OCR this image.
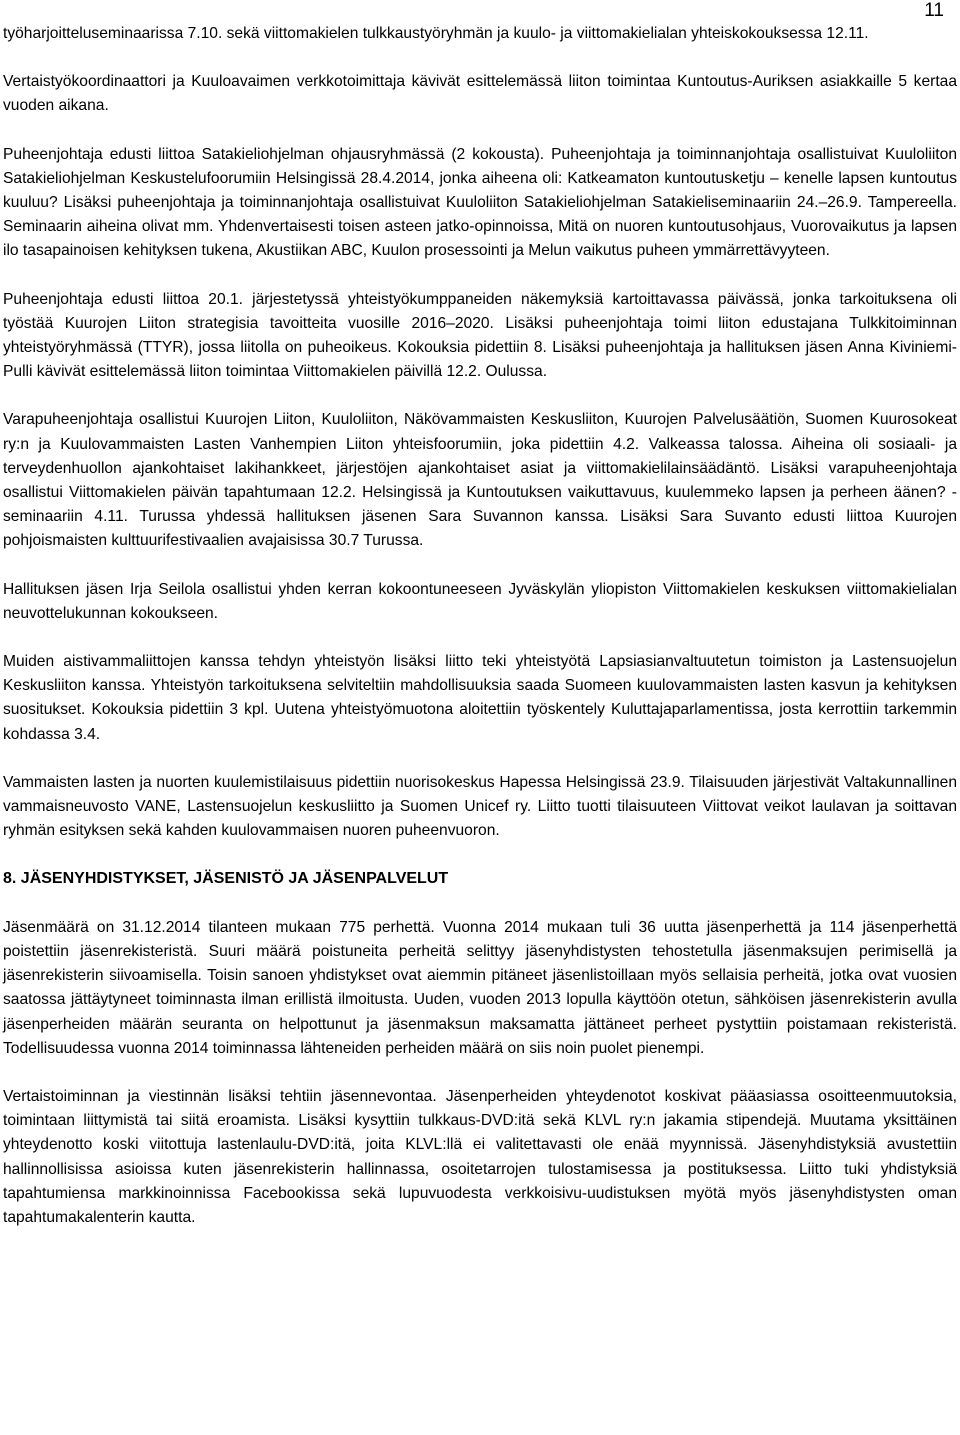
11

työharjoitteluseminaarissa 7.10. sekä viittomakielen tulkkaustyöryhmän ja kuulo- ja viittomakielialan yhteiskokouksessa 12.11.

Vertaistyökoordinaattori ja Kuuloavaimen verkkotoimittaja kävivät esittelemässä liiton toimintaa Kuntoutus-Auriksen asiakkaille 5 kertaa vuoden aikana.

Puheenjohtaja edusti liittoa Satakieliohjelman ohjausryhmässä (2 kokousta). Puheenjohtaja ja toiminnanjohtaja osallistuivat Kuuloliiton Satakieliohjelman Keskustelufoorumiin Helsingissä 28.4.2014, jonka aiheena oli: Katkeamaton kuntoutusketju – kenelle lapsen kuntoutus kuuluu? Lisäksi puheenjohtaja ja toiminnanjohtaja osallistuivat Kuuloliiton Satakieliohjelman Satakieliseminaariin 24.–26.9. Tampereella. Seminaarin aiheina olivat mm. Yhdenvertaisesti toisen asteen jatko-opinnoissa, Mitä on nuoren kuntoutusohjaus, Vuorovaikutus ja lapsen ilo tasapainoisen kehityksen tukena, Akustiikan ABC, Kuulon prosessointi ja Melun vaikutus puheen ymmärrettävyyteen.

Puheenjohtaja edusti liittoa 20.1. järjestetyssä yhteistyökumppaneiden näkemyksiä kartoittavassa päivässä, jonka tarkoituksena oli työstää Kuurojen Liiton strategisia tavoitteita vuosille 2016–2020. Lisäksi puheenjohtaja toimi liiton edustajana Tulkkitoiminnan yhteistyöryhmässä (TTYR), jossa liitolla on puheoikeus. Kokouksia pidettiin 8. Lisäksi puheenjohtaja ja hallituksen jäsen Anna Kiviniemi-Pulli kävivät esittelemässä liiton toimintaa Viittomakielen päivillä 12.2. Oulussa.

Varapuheenjohtaja osallistui Kuurojen Liiton, Kuuloliiton, Näkövammaisten Keskusliiton, Kuurojen Palvelusäätiön, Suomen Kuurosokeat ry:n ja Kuulovammaisten Lasten Vanhempien Liiton yhteisfoorumiin, joka pidettiin 4.2. Valkeassa talossa. Aiheina oli sosiaali- ja terveydenhuollon ajankohtaiset lakihankkeet, järjestöjen ajankohtaiset asiat ja viittomakielilainsäädäntö. Lisäksi varapuheenjohtaja osallistui Viittomakielen päivän tapahtumaan 12.2. Helsingissä ja Kuntoutuksen vaikuttavuus, kuulemmeko lapsen ja perheen äänen? -seminaariin 4.11. Turussa yhdessä hallituksen jäsenen Sara Suvannon kanssa. Lisäksi Sara Suvanto edusti liittoa Kuurojen pohjoismaisten kulttuurifestivaalien avajaisissa 30.7 Turussa.

Hallituksen jäsen Irja Seilola osallistui yhden kerran kokoontuneeseen Jyväskylän yliopiston Viittomakielen keskuksen viittomakielialan neuvottelukunnan kokoukseen.

Muiden aistivammaliittojen kanssa tehdyn yhteistyön lisäksi liitto teki yhteistyötä Lapsiasianvaltuutetun toimiston ja Lastensuojelun Keskusliiton kanssa. Yhteistyön tarkoituksena selviteltiin mahdollisuuksia saada Suomeen kuulovammaisten lasten kasvun ja kehityksen suositukset. Kokouksia pidettiin 3 kpl. Uutena yhteistyömuotona aloitettiin työskentely Kuluttajaparlamentissa, josta kerrottiin tarkemmin kohdassa 3.4.

Vammaisten lasten ja nuorten kuulemistilaisuus pidettiin nuorisokeskus Hapessa Helsingissä 23.9. Tilaisuuden järjestivät Valtakunnallinen vammaisneuvosto VANE, Lastensuojelun keskusliitto ja Suomen Unicef ry. Liitto tuotti tilaisuuteen Viittovat veikot laulavan ja soittavan ryhmän esityksen sekä kahden kuulovammaisen nuoren puheenvuoron.

8. JÄSENYHDISTYKSET, JÄSENISTÖ JA JÄSENPALVELUT

Jäsenmäärä on 31.12.2014 tilanteen mukaan 775 perhettä. Vuonna 2014 mukaan tuli 36 uutta jäsenperhettä ja 114 jäsenperhettä poistettiin jäsenrekisteristä. Suuri määrä poistuneita perheitä selittyy jäsenyhdistysten tehostetulla jäsenmaksujen perimisellä ja jäsenrekisterin siivoamisella. Toisin sanoen yhdistykset ovat aiemmin pitäneet jäsenlistoillaan myös sellaisia perheitä, jotka ovat vuosien saatossa jättäytyneet toiminnasta ilman erillistä ilmoitusta. Uuden, vuoden 2013 lopulla käyttöön otetun, sähköisen jäsenrekisterin avulla jäsenperheiden määrän seuranta on helpottunut ja jäsenmaksun maksamatta jättäneet perheet pystyttiin poistamaan rekisteristä. Todellisuudessa vuonna 2014 toiminnassa lähteneiden perheiden määrä on siis noin puolet pienempi.

Vertaistoiminnan ja viestinnän lisäksi tehtiin jäsennevontaa. Jäsenperheiden yhteydenotot koskivat pääasiassa osoitteenmuutoksia, toimintaan liittymistä tai siitä eroamista. Lisäksi kysyttiin tulkkaus-DVD:itä sekä KLVL ry:n jakamia stipendejä. Muutama yksittäinen yhteydenotto koski viitottuja lastenlaulu-DVD:itä, joita KLVL:llä ei valitettavasti ole enää myynnissä. Jäsenyhdistyksiä avustettiin hallinnollisissa asioissa kuten jäsenrekisterin hallinnassa, osoitetarrojen tulostamisessa ja postituksessa. Liitto tuki yhdistyksiä tapahtumiensa markkinoinnissa Facebookissa sekä lupuvuodesta verkkoisivu-uudistuksen myötä myös jäsenyhdistysten oman tapahtumakalenterin kautta.
